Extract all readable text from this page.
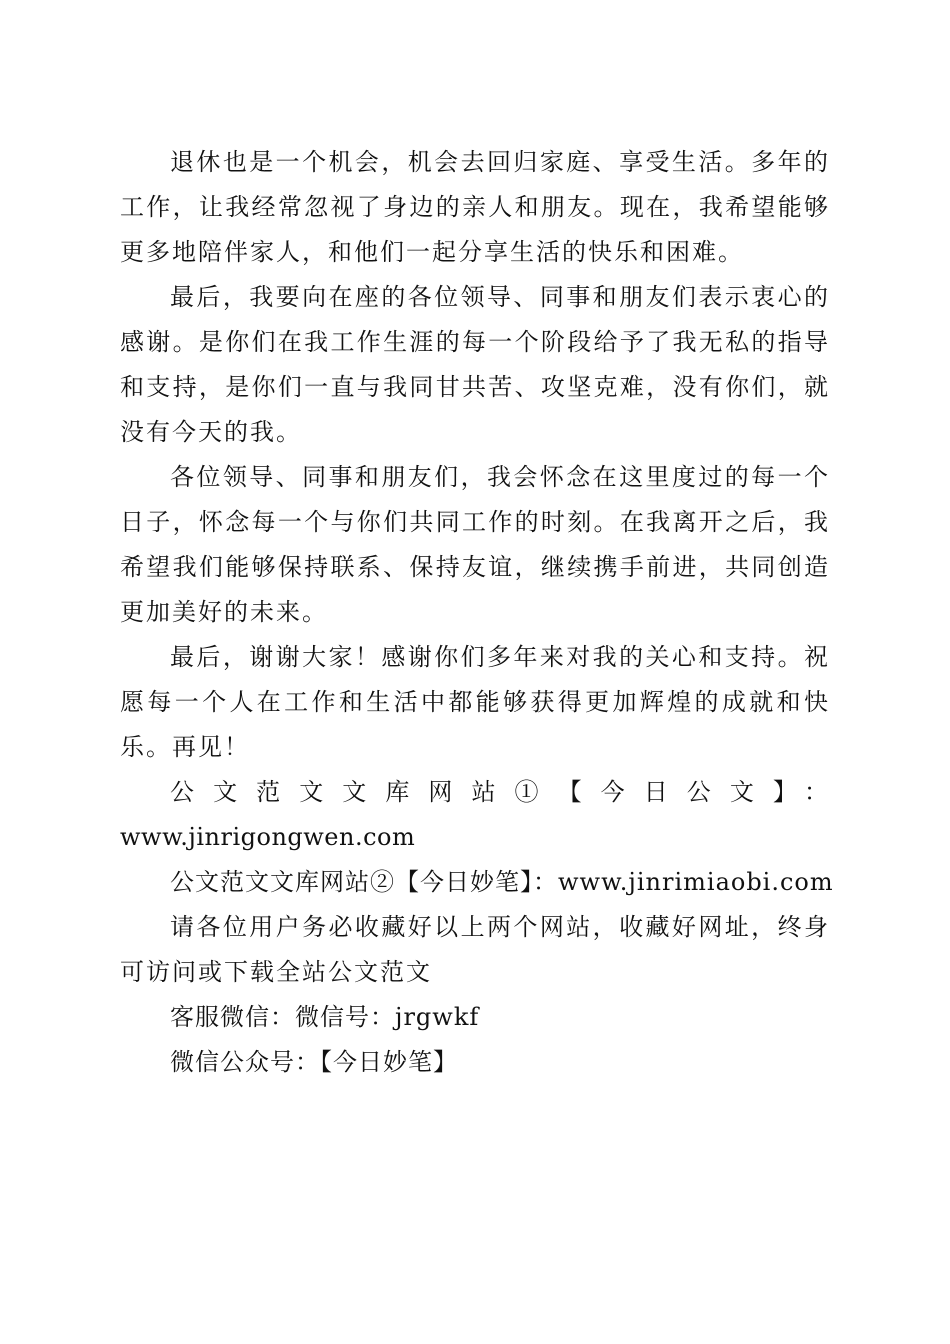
退休也是一个机会，机会去回归家庭、享受生活。多年的工作，让我经常忽视了身边的亲人和朋友。现在，我希望能够更多地陪伴家人，和他们一起分享生活的快乐和困难。

最后，我要向在座的各位领导、同事和朋友们表示衷心的感谢。是你们在我工作生涯的每一个阶段给予了我无私的指导和支持，是你们一直与我同甘共苦、攻坚克难，没有你们，就没有今天的我。

各位领导、同事和朋友们，我会怀念在这里度过的每一个日子，怀念每一个与你们共同工作的时刻。在我离开之后，我希望我们能够保持联系、保持友谊，继续携手前进，共同创造更加美好的未来。

最后，谢谢大家！感谢你们多年来对我的关心和支持。祝愿每一个人在工作和生活中都能够获得更加辉煌的成就和快乐。再见！

公文范文文库网站①【今日公文】：
www.jinrigongwen.com

公文范文文库网站②【今日妙笔】：www.jinrimiaobi.com

请各位用户务必收藏好以上两个网站，收藏好网址，终身可访问或下载全站公文范文

客服微信：微信号：jrgwkf

微信公众号：【今日妙笔】
